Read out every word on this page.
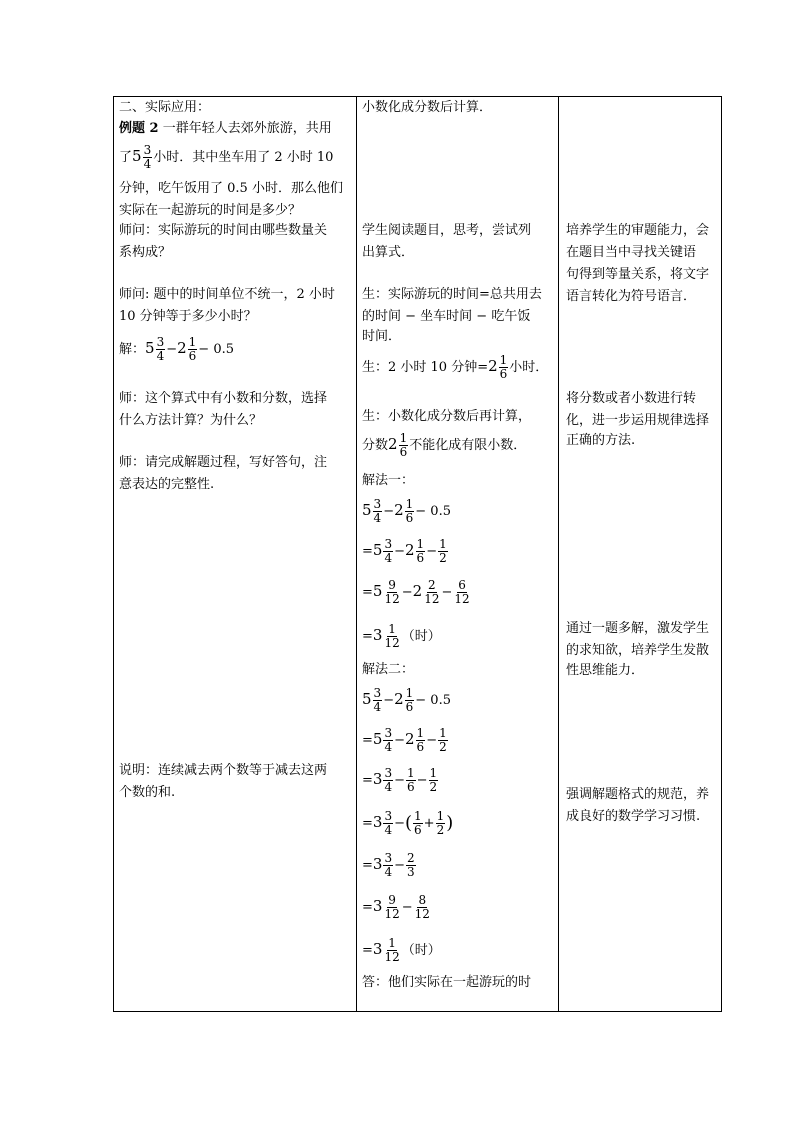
二、实际应用：
例题 2 一群年轻人去郊外旅游，共用
了$5 \frac{3}{4}$ 小时．其中坐车用了 2 小时 10
分钟，吃午饭用了 0.5 小时．那么他们
实际在一起游玩的时间是多少？
师问：实际游玩的时间由哪些数量关
系构成？
师问: 题中的时间单位不统一，2 小时
10 分钟等于多少小时？
解：$5 \frac{3}{4} -2 \frac{1}{6} - 0.5$
师：这个算式中有小数和分数，选择
什么方法计算？为什么？
师：请完成解题过程，写好答句，注
意表达的完整性.
说明：连续减去两个数等于减去这两
个数的和.
小数化成分数后计算．
学生阅读题目，思考，尝试列
出算式．
生：实际游玩的时间=总共用去
的时间 − 坐车时间 − 吃午饭
时间．
生：2 小时 10 分钟$=2 \frac{1}{6}$ 小时．
生：小数化成分数后再计算，
分数$2 \frac{1}{6}$ 不能化成有限小数．
解法一：
$5 \frac{3}{4} -2 \frac{1}{6} - 0.5$
$=5 \frac{3}{4} -2 \frac{1}{6} - \frac{1}{2}$
$=5 \frac{9}{12} -2 \frac{2}{12} - \frac{6}{12}$
$=3 \frac{1}{12}$ （时）
解法二：
$5 \frac{3}{4} -2 \frac{1}{6} - 0.5$
$=5 \frac{3}{4} -2 \frac{1}{6} - \frac{1}{2}$
$=3 \frac{3}{4} - \frac{1}{6} - \frac{1}{2}$
$=3 \frac{3}{4}$ −( $\frac{1}{6} + \frac{1}{2}$ )
$=3 \frac{3}{4} - \frac{2}{3}$
$=3 \frac{9}{12} - \frac{8}{12}$
$=3 \frac{1}{12}$ （时）
答：他们实际在一起游玩的时
培养学生的审题能力，会
在题目当中寻找关键语
句得到等量关系，将文字
语言转化为符号语言．
将分数或者小数进行转
化，进一步运用规律选择
正确的方法.
通过一题多解，激发学生
的求知欲，培养学生发散
性思维能力．
强调解题格式的规范，养
成良好的数学学习习惯.
